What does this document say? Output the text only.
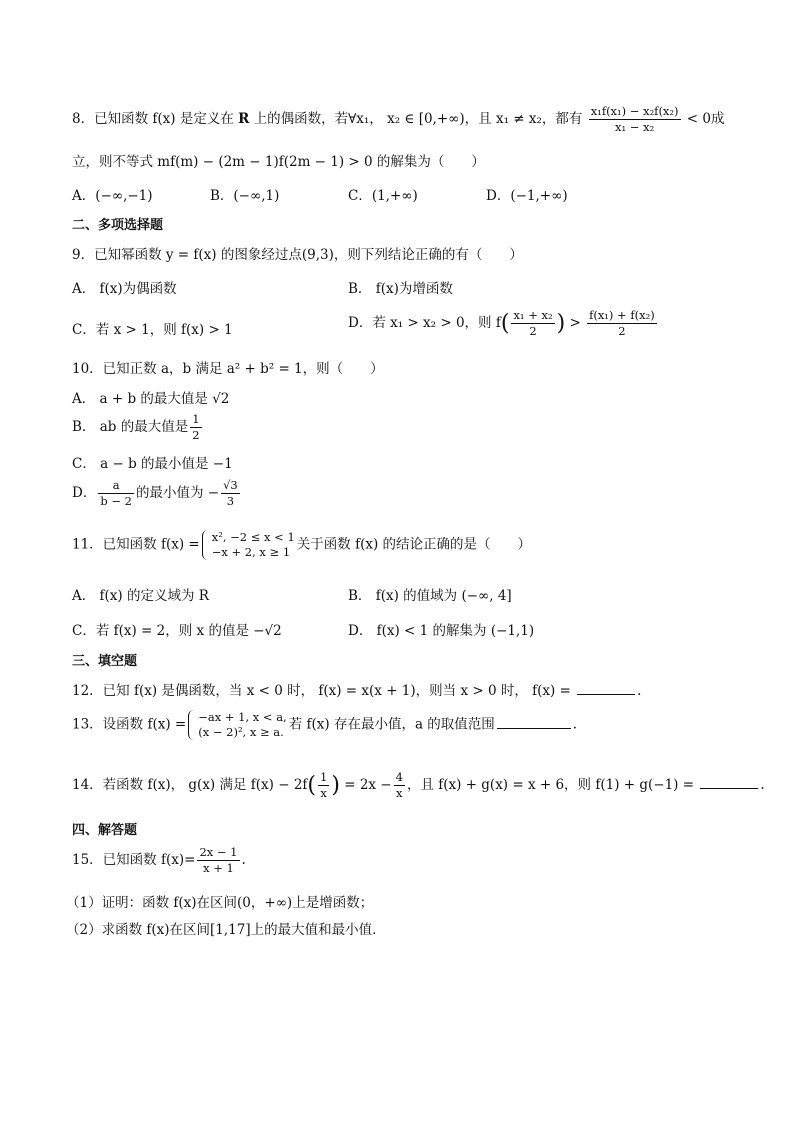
8．已知函数 f(x) 是定义在 R 上的偶函数，若∀x₁， x₂ ∈ [0,+∞)，且 x₁ ≠ x₂，都有 $\frac{\text{x₁f(x₁) − x₂f(x₂)}}{\text{x₁ − x₂}} < 0$成
立，则不等式 mf(m) − (2m − 1)f(2m − 1) > 0 的解集为（　　）
A．(−∞,−1)	B．(−∞,1)	C．(1,+∞)	D．(−1,+∞)
二、多项选择题
9．已知幂函数 y = f(x) 的图象经过点(9,3)，则下列结论正确的有（　　）
A． f(x)为偶函数	B． f(x)为增函数
C．若 x > 1，则 f(x) > 1	D．若 x₁ > x₂ > 0，则 $f( \frac{\text{x₁ + x₂}}{2}$ ) > $\frac{\text{f(x₁) + f(x₂)}}{2}$
10．已知正数 a，b 满足 a² + b² = 1，则（　　）
A． a + b 的最大值是 √2
B． ab 的最大值是 $\frac{1}{2}$
C． a − b 的最小值是 −1
D． $\frac{a}{b - 2}$ 的最小值为 − $\frac{√3}{3}$
11．已知函数 f(x) = x², −2 ≤ x < 1
−x + 2, x ≥ 1 关于函数 f(x) 的结论正确的是（　　）
A． f(x) 的定义域为 R	B． f(x) 的值域为 (−∞, 4]
C．若 f(x) = 2，则 x 的值是 −√2	D． f(x) < 1 的解集为 (−1,1)
三、填空题
12．已知 f(x) 是偶函数，当 x < 0 时， f(x) = x(x + 1)，则当 x > 0 时， f(x) =	.
13．设函数 f(x) = −ax + 1, x < a,
(x − 2)², x ≥ a. 若 f(x) 存在最小值，a 的取值范围	.
14．若函数 f(x)， g(x) 满足 $f(x) - 2f( \frac{1}{x}$ ) = $2x - \frac{4}{x}$ ，且 f(x) + g(x) = x + 6，则 f(1) + g(−1) =	.
四、解答题
15．已知函数 $f(x)= \frac{2x - 1}{x + 1}$ .
（1）证明：函数 f(x)在区间(0，+∞)上是增函数；
（2）求函数 f(x)在区间[1,17]上的最大值和最小值．
